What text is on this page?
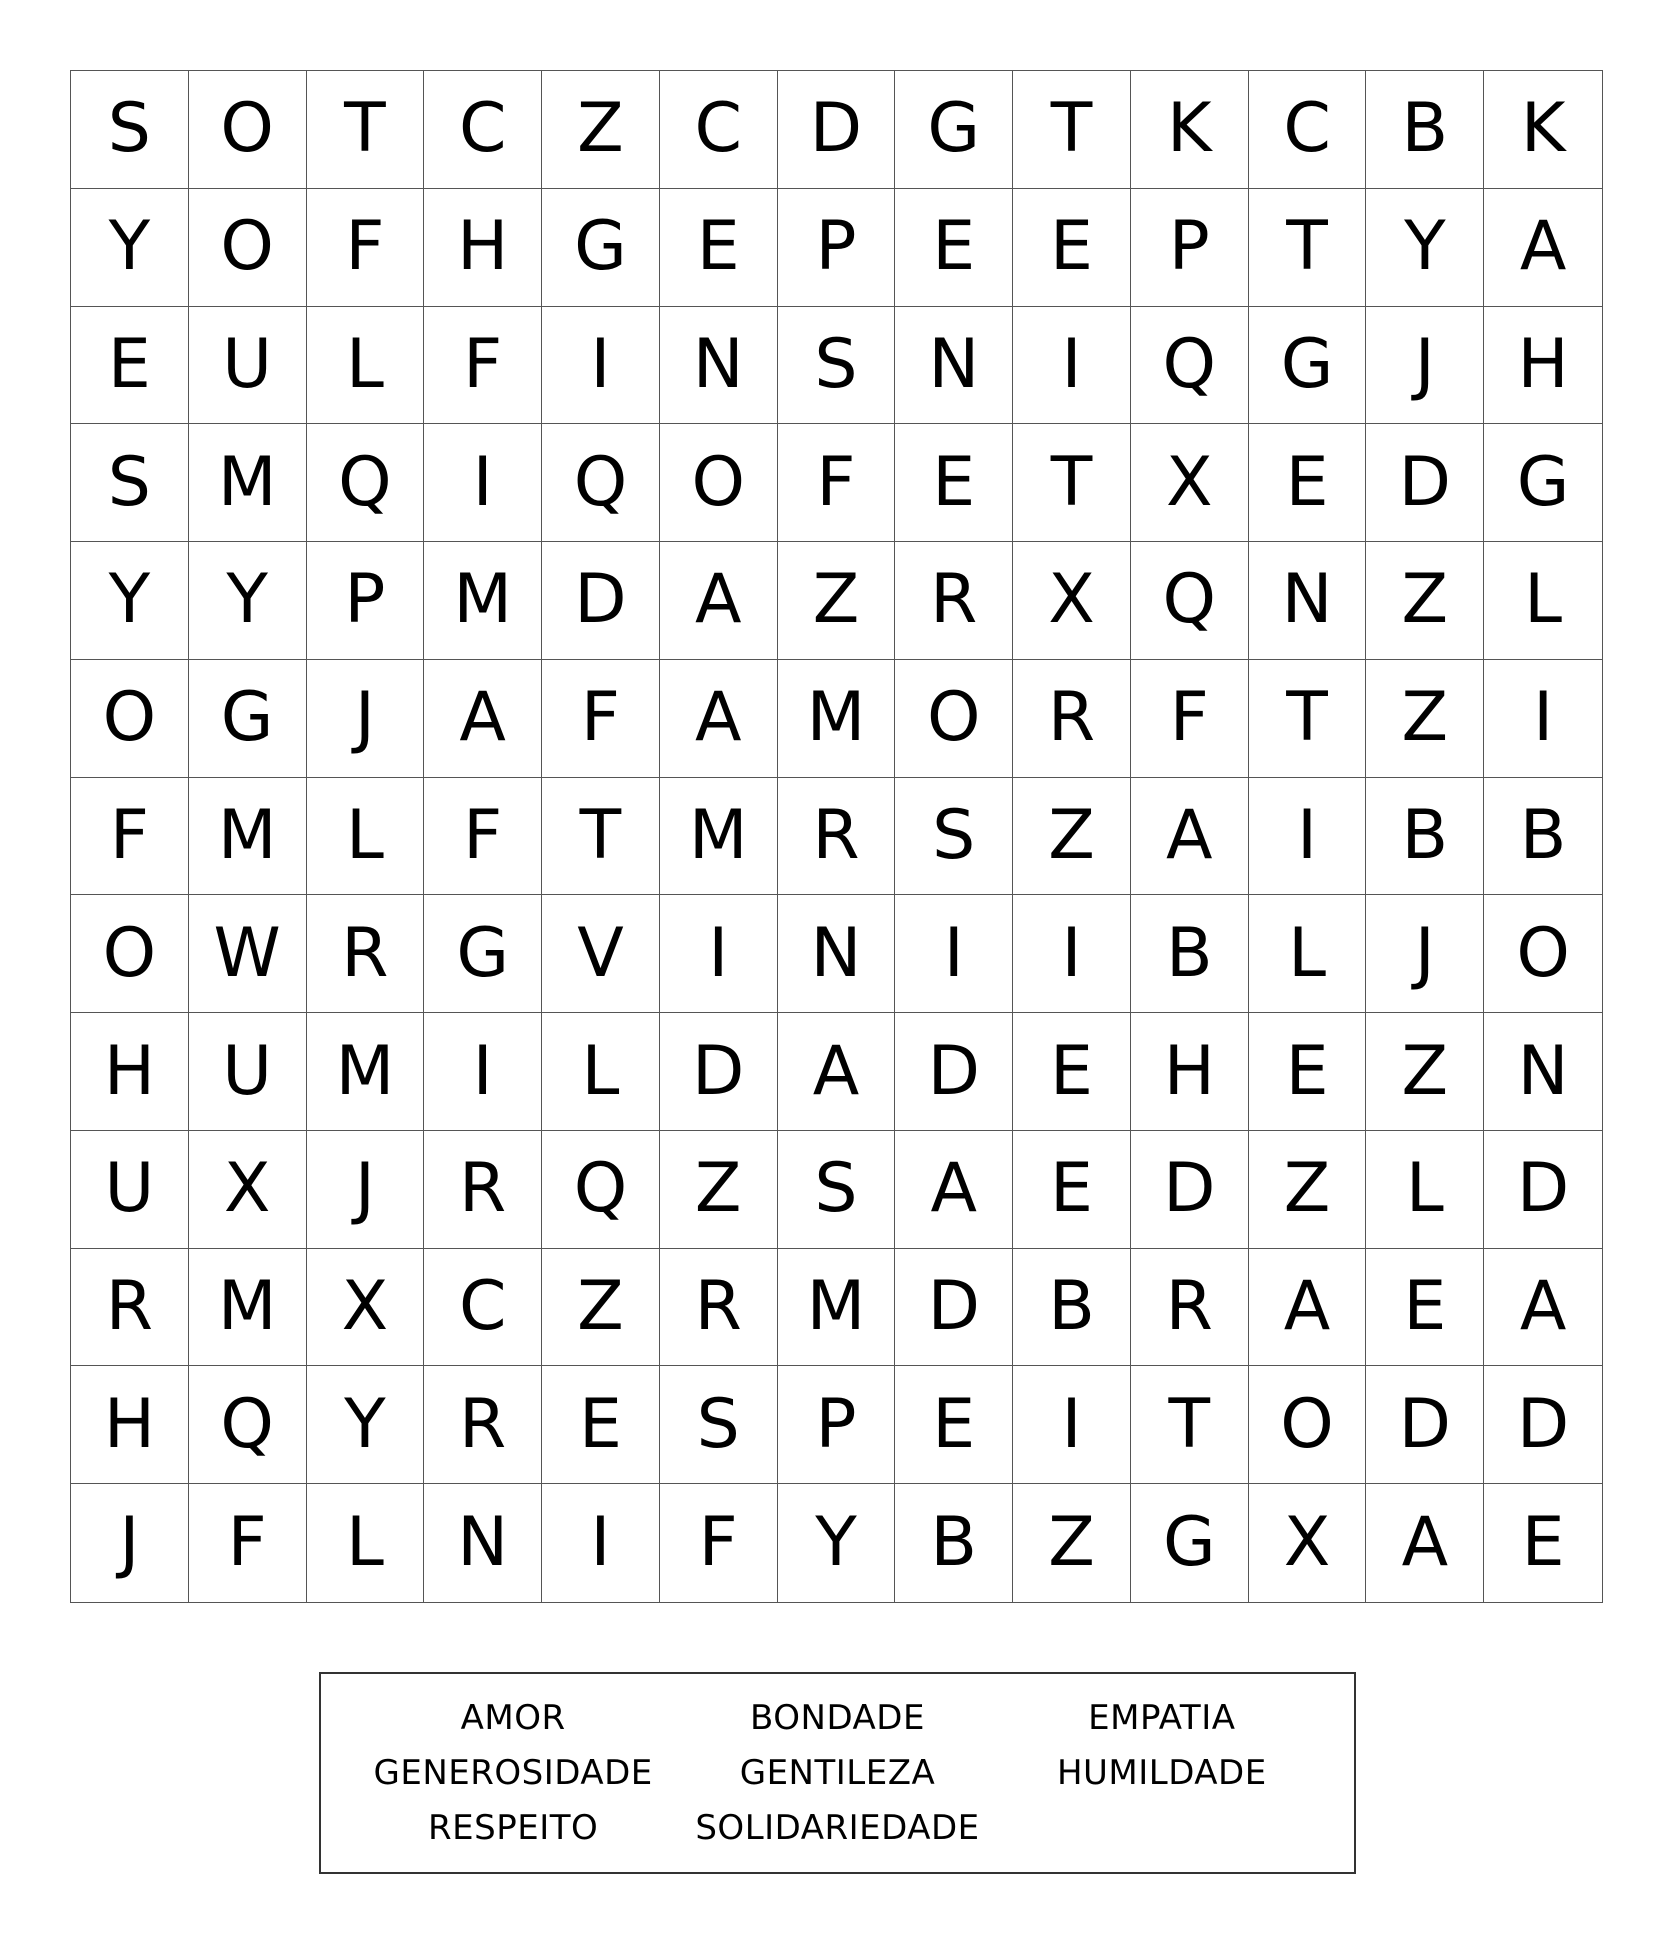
S	O	T	C	Z	C D G	T	K	C	B	K
Y	O	F	H G	E	P	E	E	P	T	Y	A
E	U	L	F	I	N	S	N	I	Q G	J	H
S M Q	I	Q O	F	E	T	X	E	D G
Y	Y	P M D	A	Z	R	X Q N	Z	L
O G	J	A	F	A M O R	F	T	Z	I
F	M	L	F	T M R	S	Z	A	I	B	B
O W R G	V	I	N	I	I	B	L	J	O
H U M	I	L	D	A	D	E	H	E	Z	N
U	X	J	R Q Z	S	A	E	D	Z	L	D
R M X	C	Z	R M D	B	R	A	E	A
H Q	Y	R	E	S	P	E	I	T	O D D
J	F	L	N	I	F	Y	B	Z	G	X	A	E
AMOR	BONDADE	EMPATIA
GENEROSIDADE	GENTILEZA	HUMILDADE
RESPEITO	SOLIDARIEDADE
